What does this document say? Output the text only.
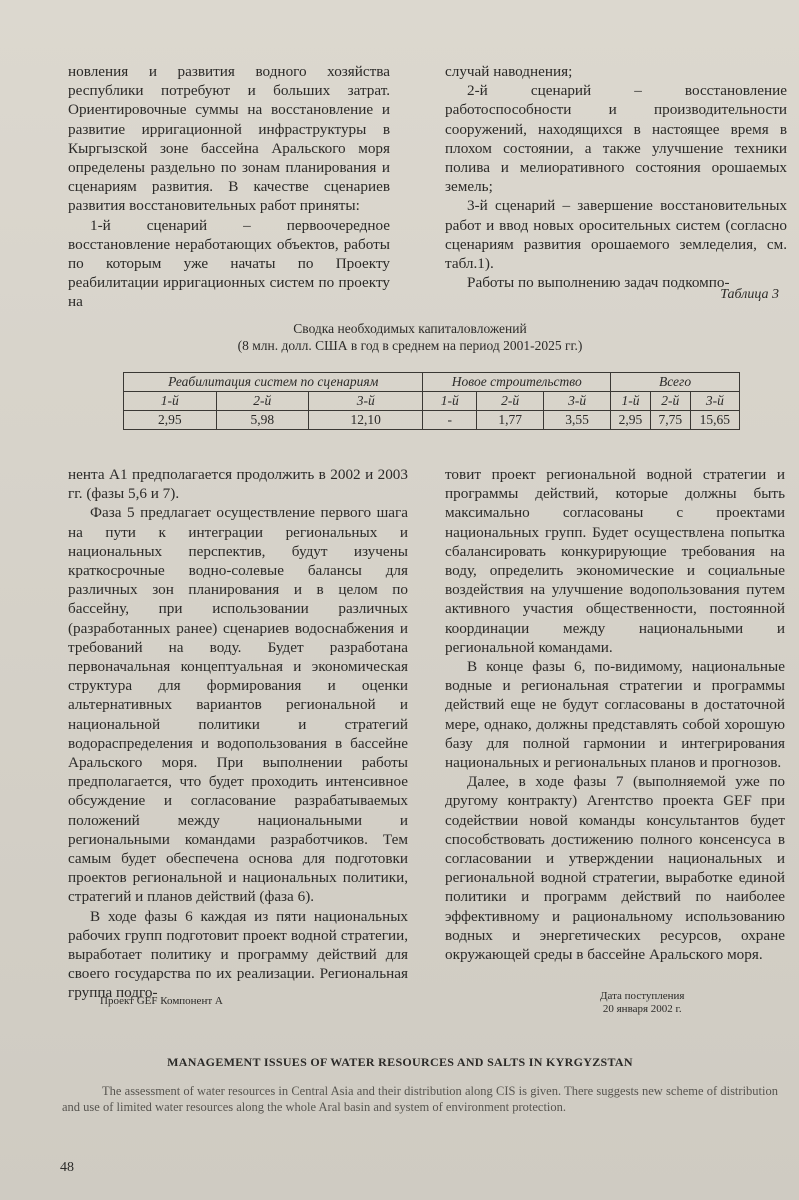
новления и развития водного хозяйства республики потребуют и больших затрат. Ориентировочные суммы на восстановление и развитие ирригационной инфраструктуры в Кыргызской зоне бассейна Аральского моря определены раздельно по зонам планирования и сценариям развития. В качестве сценариев развития восстановительных работ приняты:

1-й сценарий – первоочередное восстановление неработающих объектов, работы по которым уже начаты по Проекту реабилитации ирригационных систем по проекту на

случай наводнения;

2-й сценарий – восстановление работоспособности и производительности сооружений, находящихся в настоящее время в плохом состоянии, а также улучшение техники полива и мелиоративного состояния орошаемых земель;

3-й сценарий – завершение восстановительных работ и ввод новых оросительных систем (согласно сценариям развития орошаемого земледелия, см. табл.1).

Работы по выполнению задач подкомпо-

Таблица 3
Сводка необходимых капиталовложений
(8 млн. долл. США в год в среднем на период 2001-2025 гг.)
Реабилитация систем по сценариям			Новое строительство			Всего		
1-й	2-й	3-й	1-й	2-й	3-й	1-й	2-й	3-й
2,95	5,98	12,10	-	1,77	3,55	2,95	7,75	15,65

нента А1 предполагается продолжить в 2002 и 2003 гг. (фазы 5,6 и 7).

Фаза 5 предлагает осуществление первого шага на пути к интеграции региональных и национальных перспектив, будут изучены краткосрочные водно-солевые балансы для различных зон планирования и в целом по бассейну, при использовании различных (разработанных ранее) сценариев водоснабжения и требований на воду. Будет разработана первоначальная концептуальная и экономическая структура для формирования и оценки альтернативных вариантов региональной и национальной политики и стратегий водораспределения и водопользования в бассейне Аральского моря. При выполнении работы предполагается, что будет проходить интенсивное обсуждение и согласование разрабатываемых положений между национальными и региональными командами разработчиков. Тем самым будет обеспечена основа для подготовки проектов региональной и национальных политики, стратегий и планов действий (фаза 6).

В ходе фазы 6 каждая из пяти национальных рабочих групп подготовит проект водной стратегии, выработает политику и программу действий для своего государства по их реализации. Региональная группа подго-

товит проект региональной водной стратегии и программы действий, которые должны быть максимально согласованы с проектами национальных групп. Будет осуществлена попытка сбалансировать конкурирующие требования на воду, определить экономические и социальные воздействия на улучшение водопользования путем активного участия общественности, постоянной координации между национальными и региональной командами.

В конце фазы 6, по-видимому, национальные водные и региональная стратегии и программы действий еще не будут согласованы в достаточной мере, однако, должны представлять собой хорошую базу для полной гармонии и интегрирования национальных и региональных планов и прогнозов.

Далее, в ходе фазы 7 (выполняемой уже по другому контракту) Агентство проекта GEF при содействии новой команды консультантов будет способствовать достижению полного консенсуса в согласовании и утверждении национальных и региональной водной стратегии, выработке единой политики и программ действий по наиболее эффективному и рациональному использованию водных и энергетических ресурсов, охране окружающей среды в бассейне Аральского моря.

Проект GEF Компонент А	Дата поступления
20 января 2002 г.
MANAGEMENT ISSUES OF WATER RESOURCES AND SALTS IN KYRGYZSTAN
The assessment of water resources in Central Asia and their distribution along CIS is given. There suggests new scheme of distribution and use of limited water resources along the whole Aral basin and system of environment protection.
48
